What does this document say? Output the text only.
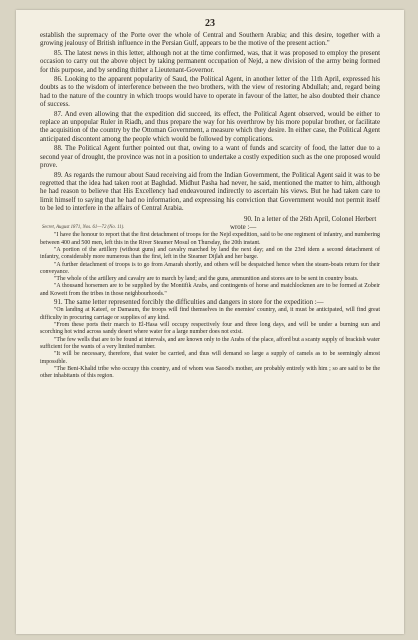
23

establish the supremacy of the Porte over the whole of Central and Southern Arabia; and this desire, together with a growing jealousy of British influence in the Persian Gulf, appears to be the motive of the present action."

85. The latest news in this letter, although not at the time confirmed, was, that it was proposed to employ the present occasion to carry out the above object by taking permanent occupation of Nejd, a new division of the army being formed for this purpose, and by sending thither a Lieutenant-Governor.

86. Looking to the apparent popularity of Saud, the Political Agent, in another letter of the 11th April, expressed his doubts as to the wisdom of interference between the two brothers, with the view of restoring Abdullah; and, regard being had to the nature of the country in which troops would have to operate in favour of the latter, he also doubted their chance of success.

87. And even allowing that the expedition did succeed, its effect, the Political Agent observed, would be either to replace an unpopular Ruler in Riadh, and thus prepare the way for his overthrow by his more popular brother, or facilitate the acquisition of the country by the Ottoman Government, a measure which they desire. In either case, the Political Agent anticipated discontent among the people which would be followed by complications.

88. The Political Agent further pointed out that, owing to a want of funds and scarcity of food, the latter due to a second year of drought, the province was not in a position to undertake a costly expedition such as the one proposed would prove.

89. As regards the rumour about Saud receiving aid from the Indian Government, the Political Agent said it was to be regretted that the idea had taken root at Baghdad. Midhut Pasha had never, he said, mentioned the matter to him, although he had reason to believe that His Excellency had endeavoured indirectly to ascertain his views. But he had taken care to limit himself to saying that he had no information, and expressing his conviction that Government would not permit itself to be led to interfere in the affairs of Central Arabia.

Secret, August 1871, Nos. 61—72 (No. 11).

90. In a letter of the 26th April, Colonel Herbert wrote :—

"I have the honour to report that the first detachment of troops for the Nejd expedition, said to be one regiment of infantry, and numbering between 400 and 500 men, left this in the River Steamer Mosul on Thursday, the 20th instant.

"A portion of the artillery (without guns) and cavalry marched by land the next day; and on the 23rd idem a second detachment of infantry, considerably more numerous than the first, left in the Steamer Dijlah and her barge.

"A further detachment of troops is to go from Amarah shortly, and others will be despatched hence when the steam-boats return for their conveyance.

"The whole of the artillery and cavalry are to march by land; and the guns, ammunition and stores are to be sent in country boats.

"A thousand horsemen are to be supplied by the Montifik Arabs, and contingents of horse and matchlockmen are to be formed at Zobeir and Koweit from the tribes in those neighbourhoods."

91. The same letter represented forcibly the difficulties and dangers in store for the expedition :—

"On landing at Kateef, or Damaum, the troops will find themselves in the enemies' country, and, it must be anticipated, will find great difficulty in procuring carriage or supplies of any kind.

"From these ports their march to El-Hasa will occupy respectively four and three long days, and will be under a burning sun and scorching hot wind across sandy desert where water for a large number does not exist.

"The few wells that are to be found at intervals, and are known only to the Arabs of the place, afford but a scanty supply of brackish water sufficient for the wants of a very limited number.

"It will be necessary, therefore, that water be carried, and thus will demand so large a supply of camels as to be seemingly almost impossible.

"The Beni-Khalid tribe who occupy this country, and of whom was Saood's mother, are probably entirely with him ; so are said to be the other inhabitants of this region.
